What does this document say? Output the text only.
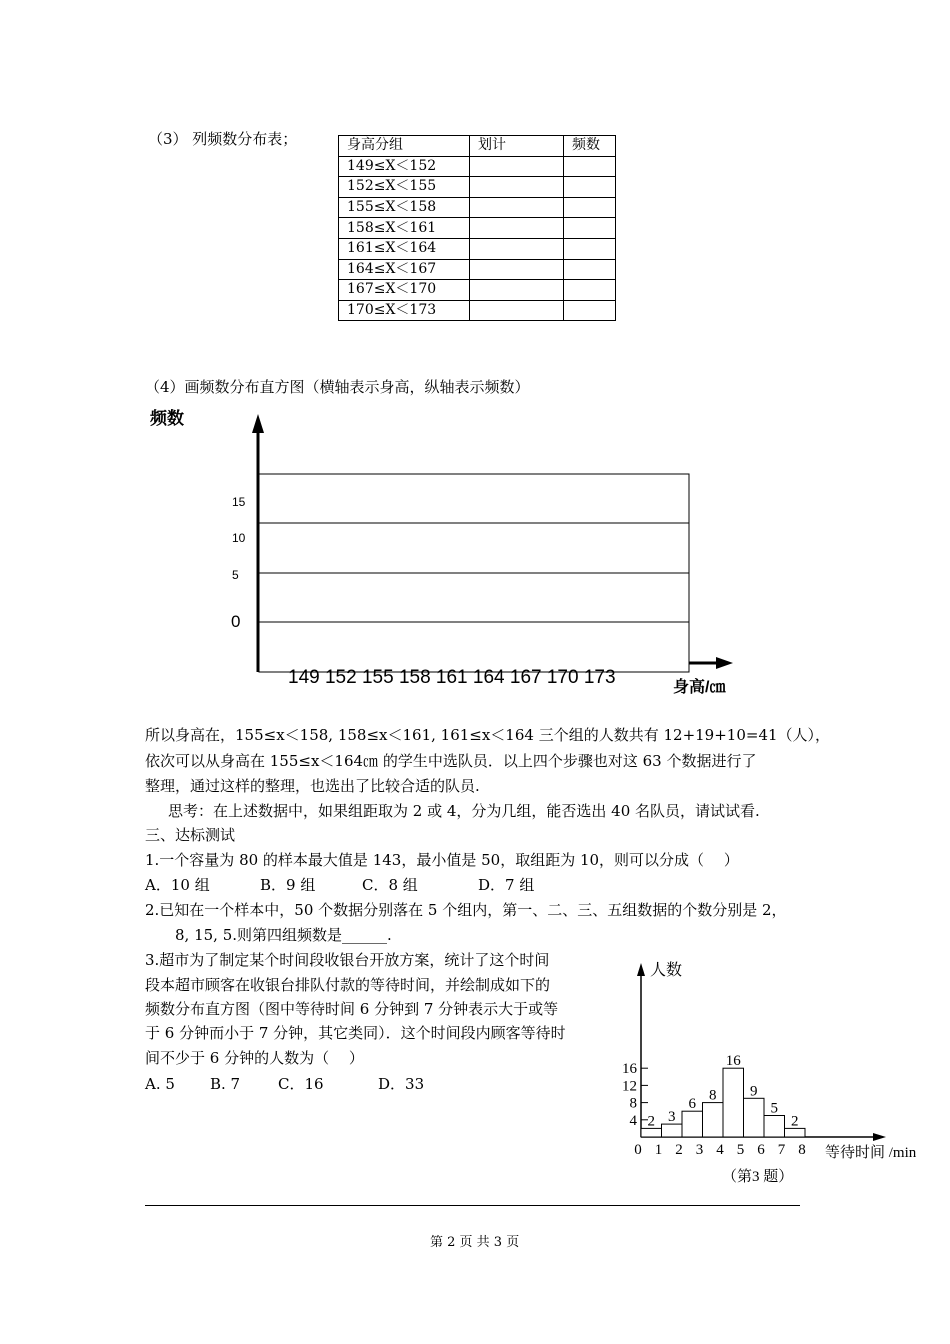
（3） 列频数分布表；	身高分组	划计	频数
149≤X＜152		
152≤X＜155		
155≤X＜158		
158≤X＜161		
161≤X＜164		
164≤X＜167		
167≤X＜170		
170≤X＜173		
（4）画频数分布直方图（横轴表示身高，纵轴表示频数）
频数
15
10
5
0
149 152 155 158 161 164 167 170 173	身高/㎝
所以身高在，155≤x＜158, 158≤x＜161, 161≤x＜164 三个组的人数共有 12+19+10=41（人），
依次可以从身高在 155≤x＜164㎝ 的学生中选队员．以上四个步骤也对这 63 个数据进行了
整理，通过这样的整理，也选出了比较合适的队员.
思考：在上述数据中，如果组距取为 2 或 4，分为几组，能否选出 40 名队员，请试试看.
三、达标测试
1.一个容量为 80 的样本最大值是 143，最小值是 50，取组距为 10，则可以分成（　 ）
A．10 组	B．9 组	C．8 组	D．7 组
2.已知在一个样本中，50 个数据分别落在 5 个组内，第一、二、三、五组数据的个数分别是 2，
8, 15, 5.则第四组频数是______.
3.超市为了制定某个时间段收银台开放方案，统计了这个时间
段本超市顾客在收银台排队付款的等待时间，并绘制成如下的
频数分布直方图（图中等待时间 6 分钟到 7 分钟表示大于或等
于 6 分钟而小于 7 分钟，其它类同）．这个时间段内顾客等待时
间不少于 6 分钟的人数为（　 ）
A. 5 B. 7	C．16	D．33
人数
等待时间 /min
（第3 题）
2 3
6
8
16
9
5
2
0 1 2 3 4 5 6 7 8
4
8
12
16
第 2 页 共 3 页
